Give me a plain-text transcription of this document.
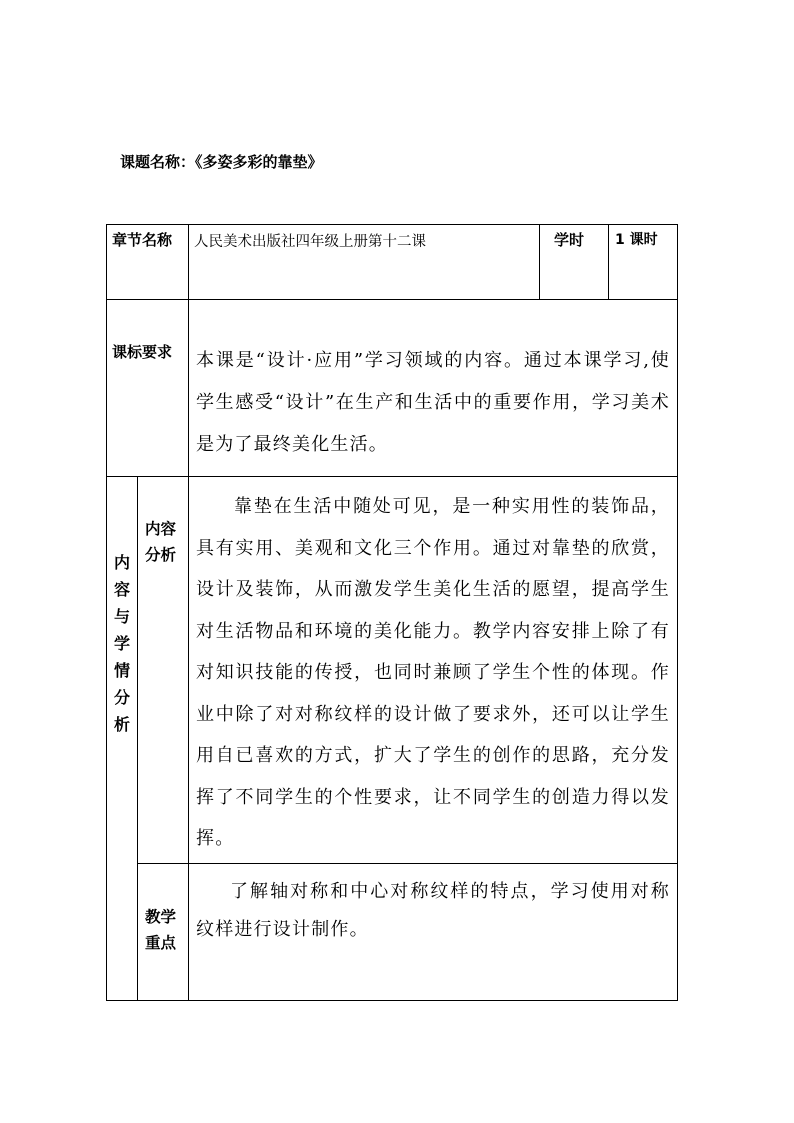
课题名称：《多姿多彩的靠垫》
章节名称 人民美术出版社四年级上册第十二课	学时 1 课时
课标要求 本课是“设计·应用”学习领域的内容。通过本课学习,使学生感受“设计”在生产和生活中的重要作用，学习美术是为了最终美化生活。
内容与学情分析
内容分析
靠垫在生活中随处可见，是一种实用性的装饰品，具有实用、美观和文化三个作用。通过对靠垫的欣赏，设计及装饰，从而激发学生美化生活的愿望，提高学生对生活物品和环境的美化能力。教学内容安排上除了有对知识技能的传授，也同时兼顾了学生个性的体现。作业中除了对对称纹样的设计做了要求外，还可以让学生用自已喜欢的方式，扩大了学生的创作的思路，充分发挥了不同学生的个性要求，让不同学生的创造力得以发挥。
教学重点
了解轴对称和中心对称纹样的特点，学习使用对称纹样进行设计制作。
